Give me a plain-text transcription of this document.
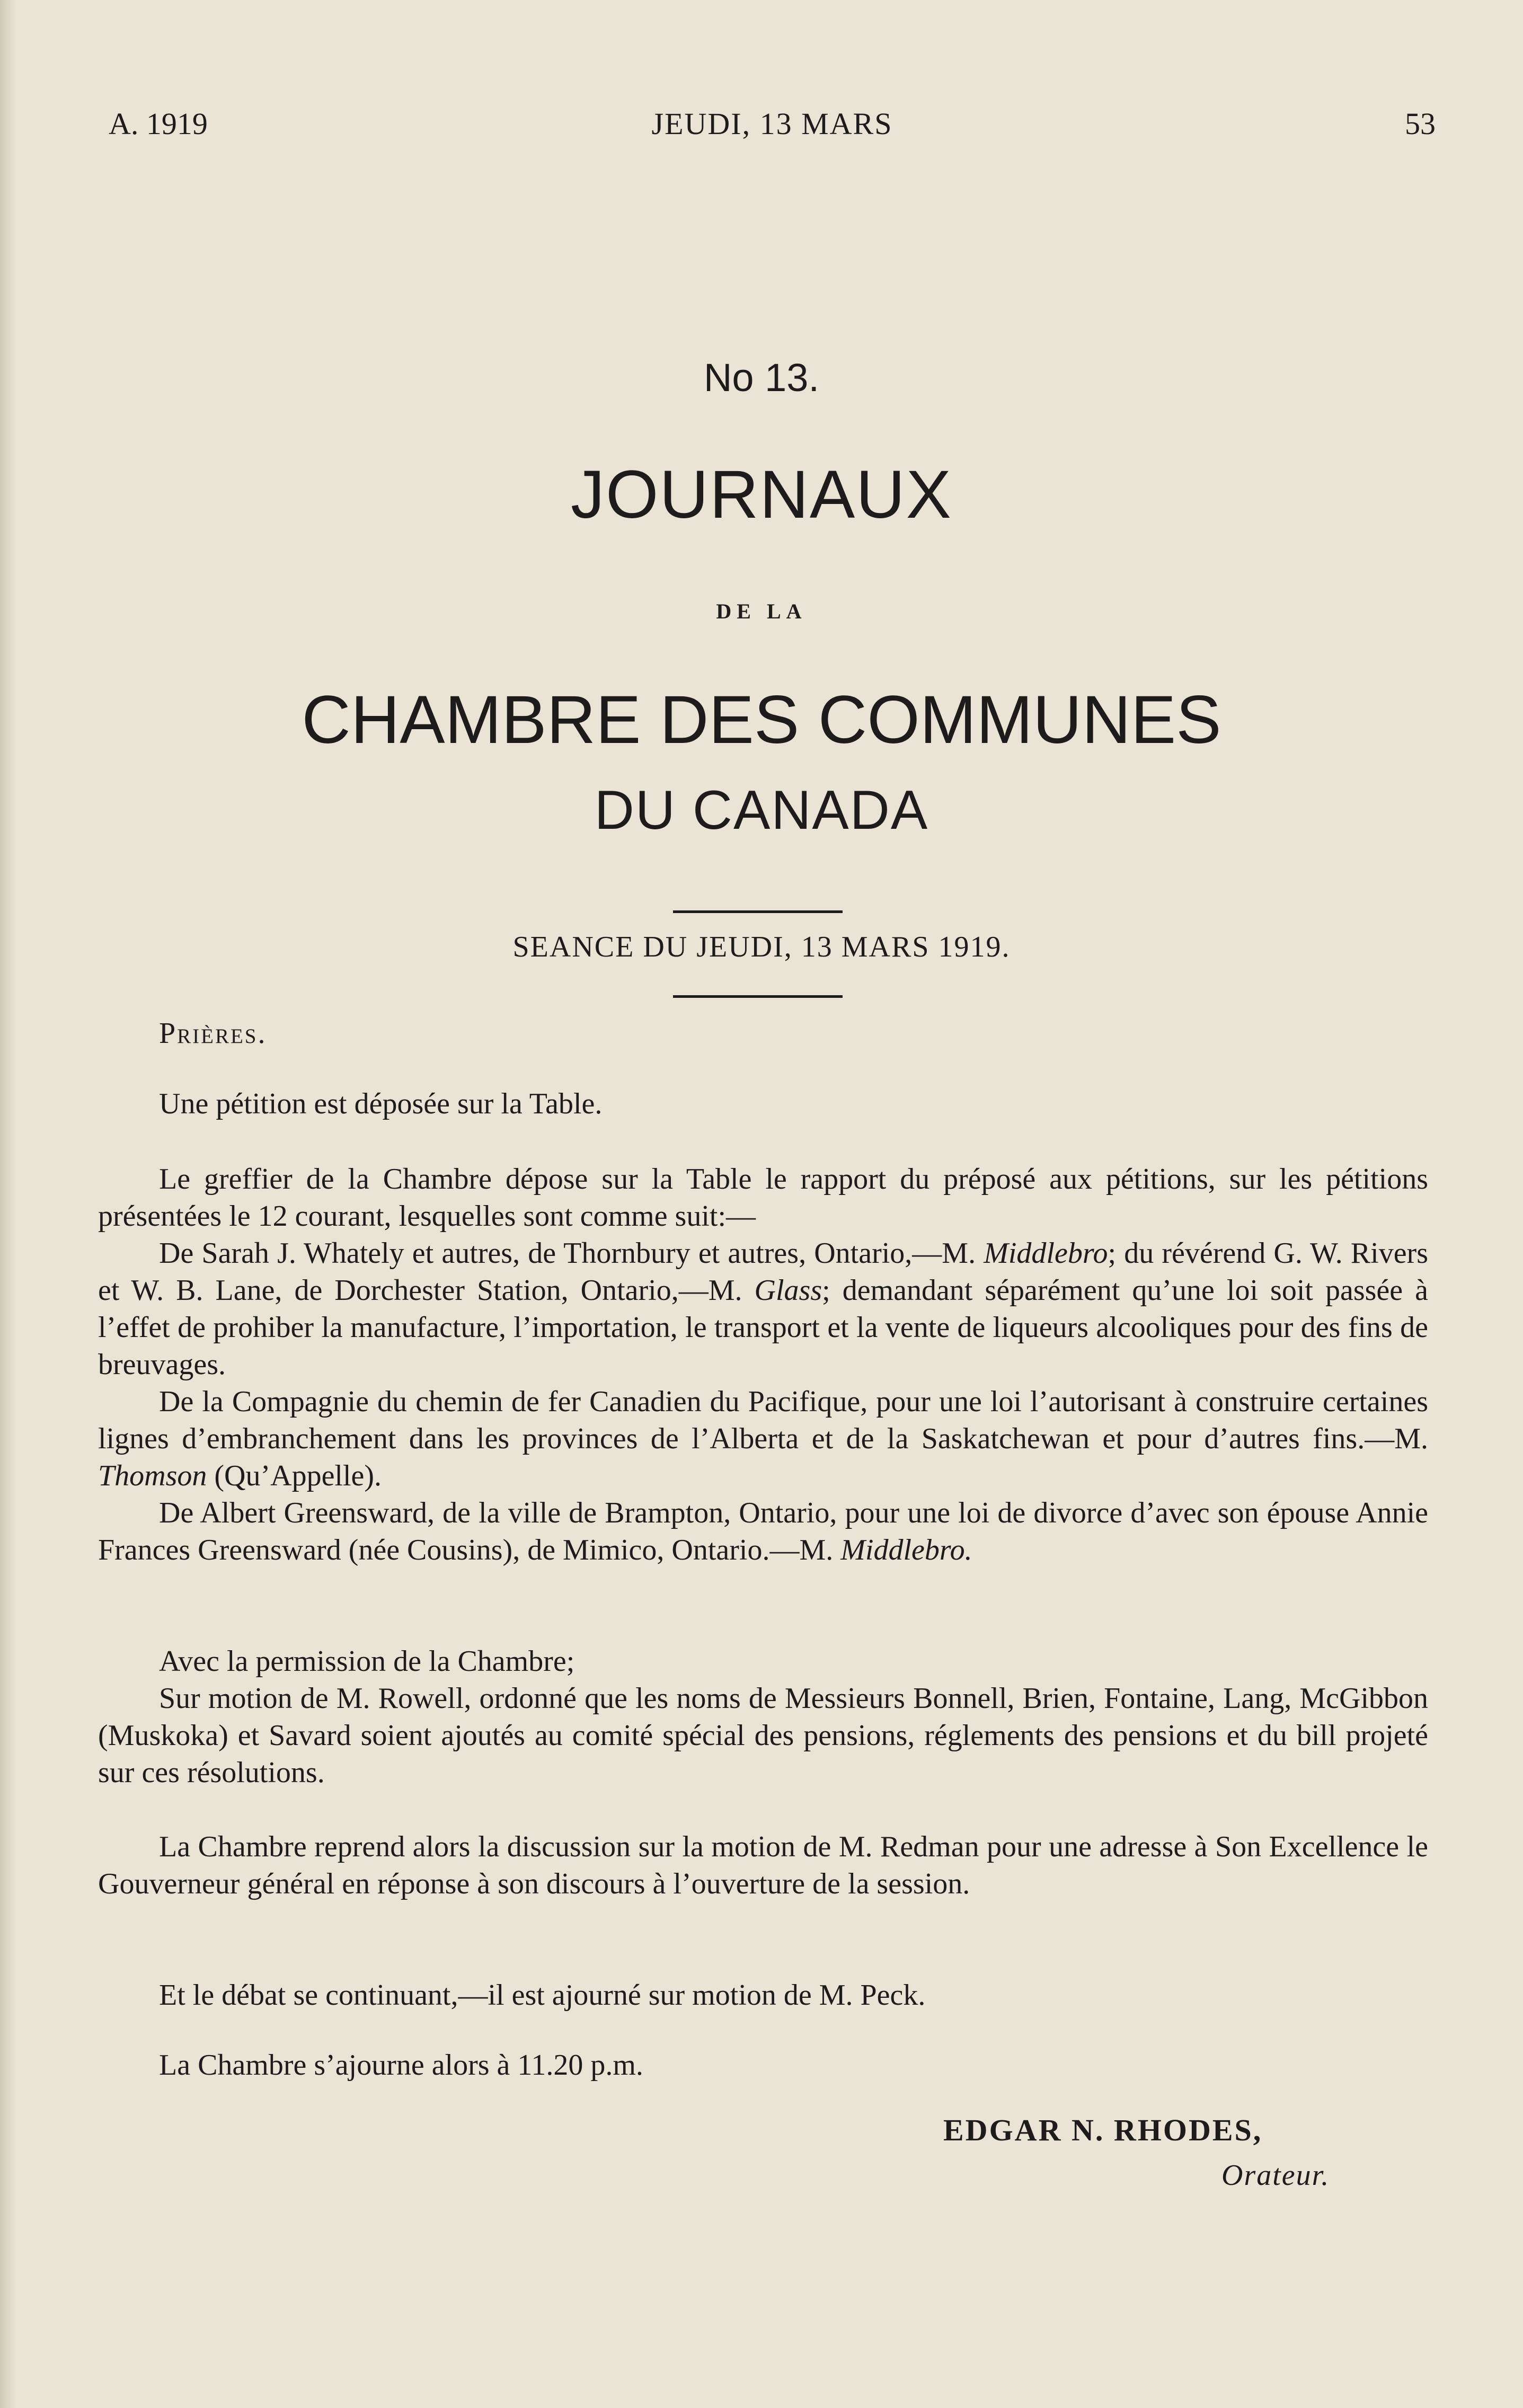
A. 1919	JEUDI, 13 MARS	53
No 13.
JOURNAUX
DE LA
CHAMBRE DES COMMUNES
DU CANADA
SEANCE DU JEUDI, 13 MARS 1919.

Prières.

Une pétition est déposée sur la Table.

Le greffier de la Chambre dépose sur la Table le rapport du préposé aux pétitions, sur les pétitions présentées le 12 courant, lesquelles sont comme suit:—

De Sarah J. Whately et autres, de Thornbury et autres, Ontario,—M. Middlebro; du révérend G. W. Rivers et W. B. Lane, de Dorchester Station, Ontario,—M. Glass; demandant séparément qu’une loi soit passée à l’effet de prohiber la manufacture, l’importation, le transport et la vente de liqueurs alcooliques pour des fins de breuvages.

De la Compagnie du chemin de fer Canadien du Pacifique, pour une loi l’autorisant à construire certaines lignes d’embranchement dans les provinces de l’Alberta et de la Saskatchewan et pour d’autres fins.—M. Thomson (Qu’Appelle).

De Albert Greensward, de la ville de Brampton, Ontario, pour une loi de divorce d’avec son épouse Annie Frances Greensward (née Cousins), de Mimico, Ontario.—M. Middlebro.

Avec la permission de la Chambre;

Sur motion de M. Rowell, ordonné que les noms de Messieurs Bonnell, Brien, Fontaine, Lang, McGibbon (Muskoka) et Savard soient ajoutés au comité spécial des pensions, réglements des pensions et du bill projeté sur ces résolutions.

La Chambre reprend alors la discussion sur la motion de M. Redman pour une adresse à Son Excellence le Gouverneur général en réponse à son discours à l’ouverture de la session.

Et le débat se continuant,—il est ajourné sur motion de M. Peck.

La Chambre s’ajourne alors à 11.20 p.m.

EDGAR N. RHODES,
Orateur.
